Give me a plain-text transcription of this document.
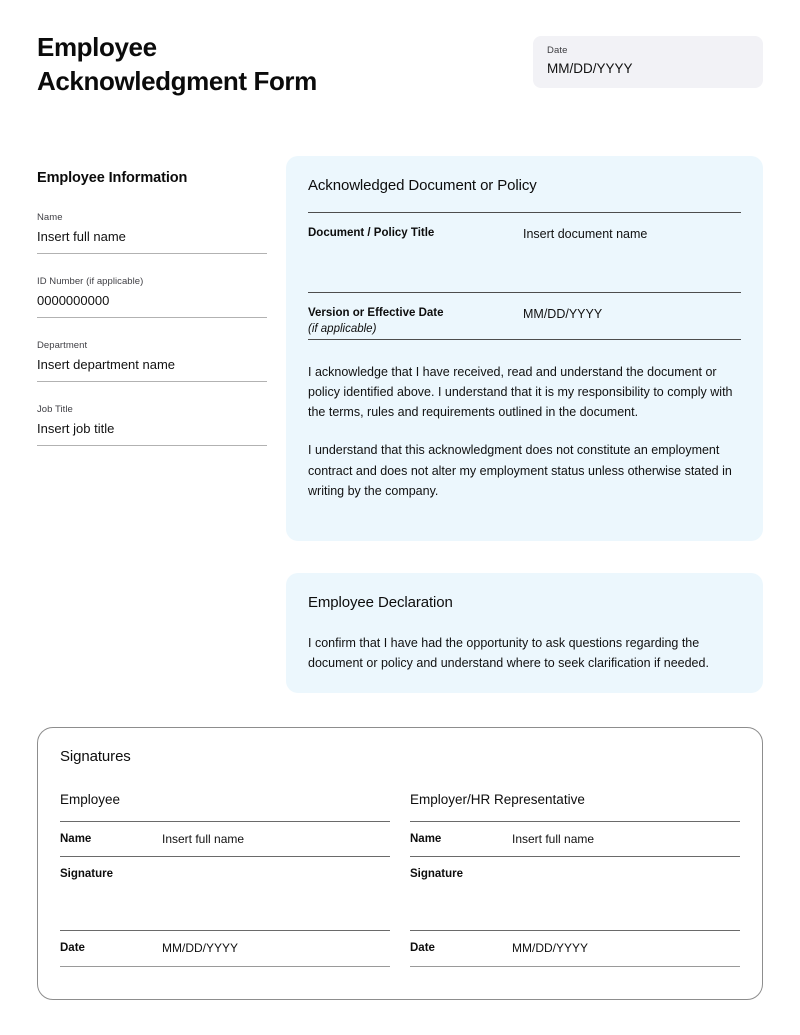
Employee
Acknowledgment Form
Date
MM/DD/YYYY
Employee Information
Name
Insert full name
ID Number (if applicable)
0000000000
Department
Insert department name
Job Title
Insert job title
Acknowledged Document or Policy
Document / Policy Title	Insert document name
Version or Effective Date
(if applicable)
MM/DD/YYYY
I acknowledge that I have received, read and understand the document or policy identified above. I understand that it is my responsibility to comply with the terms, rules and requirements outlined in the document.
I understand that this acknowledgment does not constitute an employment contract and does not alter my employment status unless otherwise stated in writing by the company.
Employee Declaration
I confirm that I have had the opportunity to ask questions regarding the document or policy and understand where to seek clarification if needed.
Signatures
Employee
Name	Insert full name
Signature
Date	MM/DD/YYYY
Employer/HR Representative
Name	Insert full name
Signature
Date	MM/DD/YYYY
